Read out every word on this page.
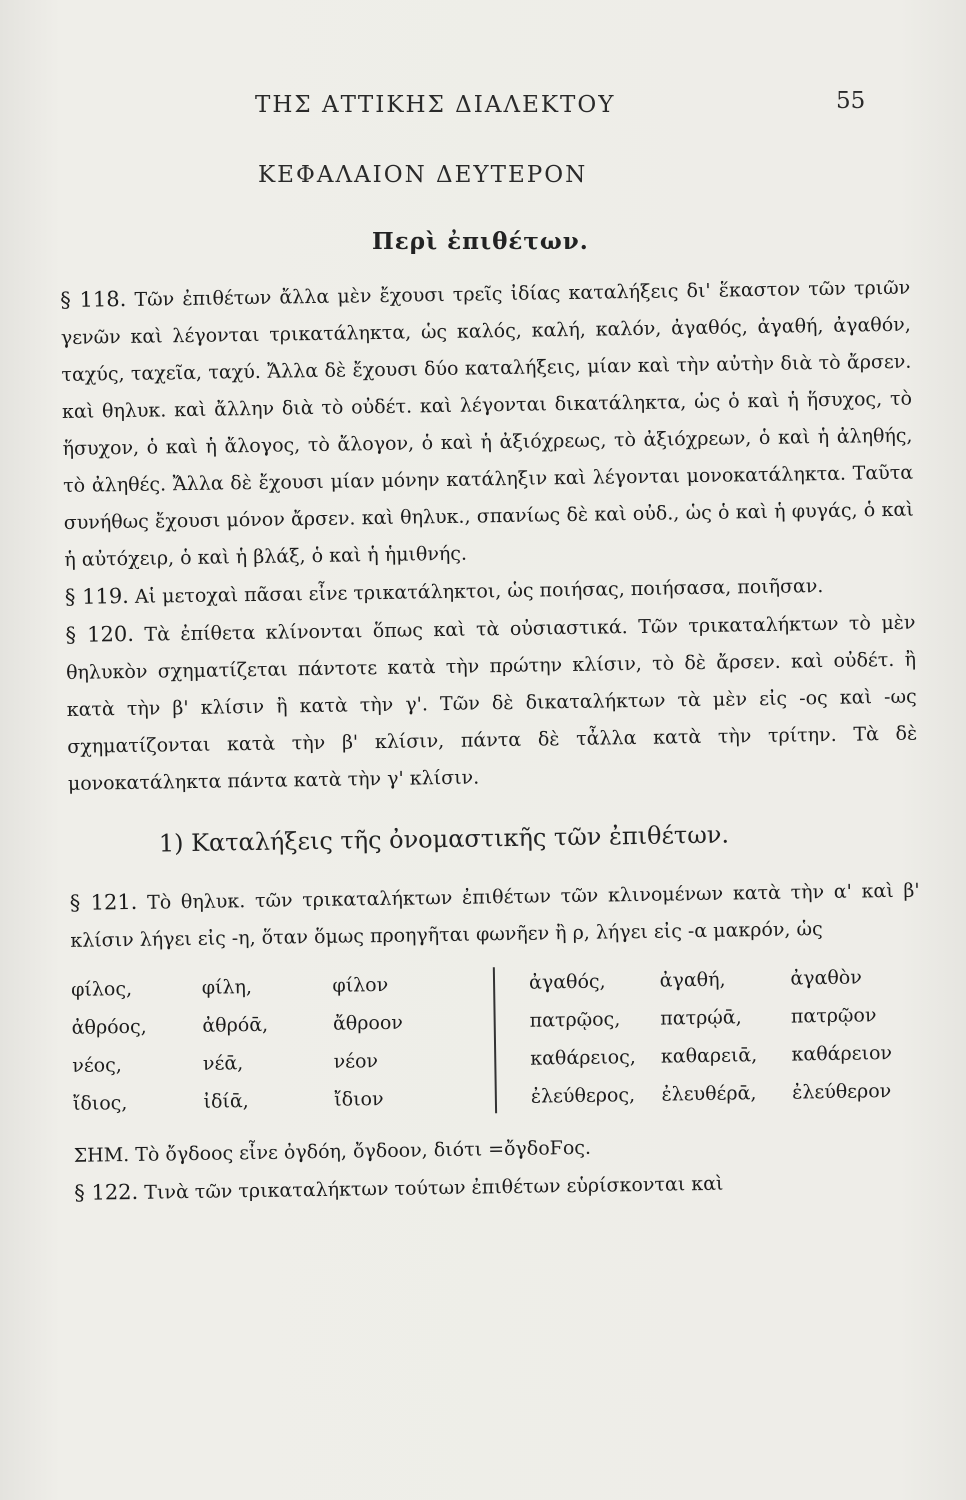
ΤΗΣ ΑΤΤΙΚΗΣ ΔΙΑΛΕΚΤΟΥ	55
ΚΕΦΑΛΑΙΟΝ ΔΕΥΤΕΡΟΝ
Περὶ ἐπιθέτων.

§ 118. Τῶν ἐπιθέτων ἄλλα μὲν ἔχουσι τρεῖς ἰδίας καταλήξεις δι' ἕκαστον τῶν τριῶν γενῶν καὶ λέγονται τρικατάληκτα, ὡς καλός, καλή, καλόν, ἀγαθός, ἀγαθή, ἀγαθόν, ταχύς, ταχεῖα, ταχύ. Ἄλλα δὲ ἔχουσι δύο καταλήξεις, μίαν καὶ τὴν αὐτὴν διὰ τὸ ἄρσεν. καὶ θηλυκ. καὶ ἄλλην διὰ τὸ οὐδέτ. καὶ λέγονται δικατάληκτα, ὡς ὁ καὶ ἡ ἥσυχος, τὸ ἥσυχον, ὁ καὶ ἡ ἄλογος, τὸ ἄλογον, ὁ καὶ ἡ ἀξιόχρεως, τὸ ἀξιόχρεων, ὁ καὶ ἡ ἀληθής, τὸ ἀληθές. Ἄλλα δὲ ἔχουσι μίαν μόνην κατάληξιν καὶ λέγονται μονοκατάληκτα. Ταῦτα συνήθως ἔχουσι μόνον ἄρσεν. καὶ θηλυκ., σπανίως δὲ καὶ οὐδ., ὡς ὁ καὶ ἡ φυγάς, ὁ καὶ ἡ αὐτόχειρ, ὁ καὶ ἡ βλάξ, ὁ καὶ ἡ ἡμιθνής.

§ 119. Αἱ μετοχαὶ πᾶσαι εἶνε τρικατάληκτοι, ὡς ποιήσας, ποιήσασα, ποιῆσαν.

§ 120. Τὰ ἐπίθετα κλίνονται ὅπως καὶ τὰ οὐσιαστικά. Τῶν τρικαταλήκτων τὸ μὲν θηλυκὸν σχηματίζεται πάντοτε κατὰ τὴν πρώτην κλίσιν, τὸ δὲ ἄρσεν. καὶ οὐδέτ. ἢ κατὰ τὴν β' κλίσιν ἢ κατὰ τὴν γ'. Τῶν δὲ δικαταλήκτων τὰ μὲν εἰς -ος καὶ -ως σχηματίζονται κατὰ τὴν β' κλίσιν, πάντα δὲ τἆλλα κατὰ τὴν τρίτην. Τὰ δὲ μονοκατάληκτα πάντα κατὰ τὴν γ' κλίσιν.

1) Καταλήξεις τῆς ὀνομαστικῆς τῶν ἐπιθέτων.

§ 121. Τὸ θηλυκ. τῶν τρικαταλήκτων ἐπιθέτων τῶν κλινομένων κατὰ τὴν α' καὶ β' κλίσιν λήγει εἰς -η, ὅταν ὅμως προηγῆται φωνῆεν ἢ ρ, λήγει εἰς -α μακρόν, ὡς

φίλος,	φίλη,	φίλον
ἀθρόος,	ἀθρόᾱ,	ἄθροον
νέος,	νέᾱ,	νέον
ἴδιος,	ἰδίᾱ,	ἴδιον
ἀγαθός,	ἀγαθή,	ἀγαθὸν
πατρῷος,	πατρῴᾱ,	πατρῷον
καθάρειος,	καθαρειᾱ,	καθάρειον
ἐλεύθερος,	ἐλευθέρᾱ,	ἐλεύθερον

ΣΗΜ. Τὸ ὄγδοος εἶνε ὀγδόη, ὄγδοον, διότι =ὄγδοϜος.

§ 122. Τινὰ τῶν τρικαταλήκτων τούτων ἐπιθέτων εὑρίσκονται καὶ
